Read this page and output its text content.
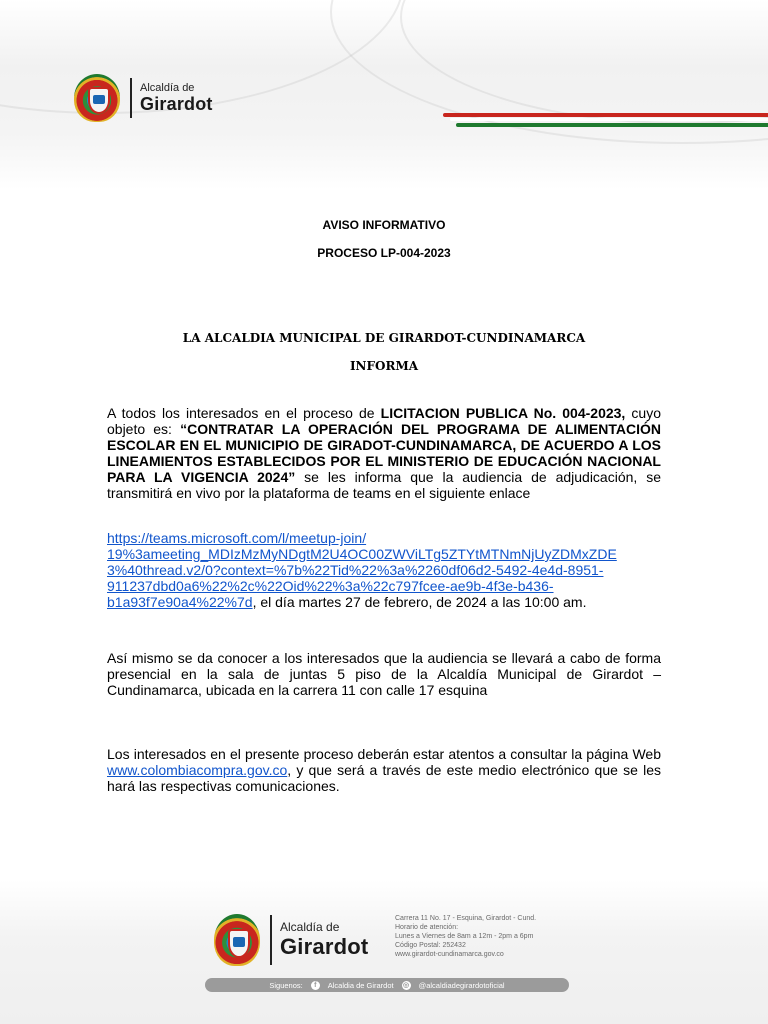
Alcaldía de
Girardot
AVISO INFORMATIVO
PROCESO LP-004-2023
LA ALCALDIA MUNICIPAL DE GIRARDOT-CUNDINAMARCA
INFORMA

A todos los interesados en el proceso de LICITACION PUBLICA No. 004-2023, cuyo objeto es: “CONTRATAR LA OPERACIÓN DEL PROGRAMA DE ALIMENTACIÓN ESCOLAR EN EL MUNICIPIO DE GIRADOT-CUNDINAMARCA, DE ACUERDO A LOS LINEAMIENTOS ESTABLECIDOS POR EL MINISTERIO DE EDUCACIÓN NACIONAL PARA LA VIGENCIA 2024” se les informa que la audiencia de adjudicación, se transmitirá en vivo por la plataforma de teams en el siguiente enlace

https://teams.microsoft.com/l/meetup-join/
19%3ameeting_MDIzMzMyNDgtM2U4OC00ZWViLTg5ZTYtMTNmNjUyZDMxZDE
3%40thread.v2/0?context=%7b%22Tid%22%3a%2260df06d2-5492-4e4d-8951-
911237dbd0a6%22%2c%22Oid%22%3a%22c797fcee-ae9b-4f3e-b436-
b1a93f7e90a4%22%7d, el día martes 27 de febrero, de 2024 a las 10:00 am.

Así mismo se da conocer a los interesados que la audiencia se llevará a cabo de forma presencial en la sala de juntas 5 piso de la Alcaldía Municipal de Girardot – Cundinamarca, ubicada en la carrera 11 con calle 17 esquina

Los interesados en el presente proceso deberán estar atentos a consultar la página Web www.colombiacompra.gov.co, y que será a través de este medio electrónico que se les hará las respectivas comunicaciones.

Alcaldía de
Girardot
Carrera 11 No. 17 - Esquina, Girardot - Cund.
Horario de atención:
Lunes a Viernes de 8am a 12m - 2pm a 6pm
Código Postal: 252432
www.girardot-cundinamarca.gov.co
Siguenos:	f	Alcaldia de Girardot ◎ @alcaldiadegirardotoficial
